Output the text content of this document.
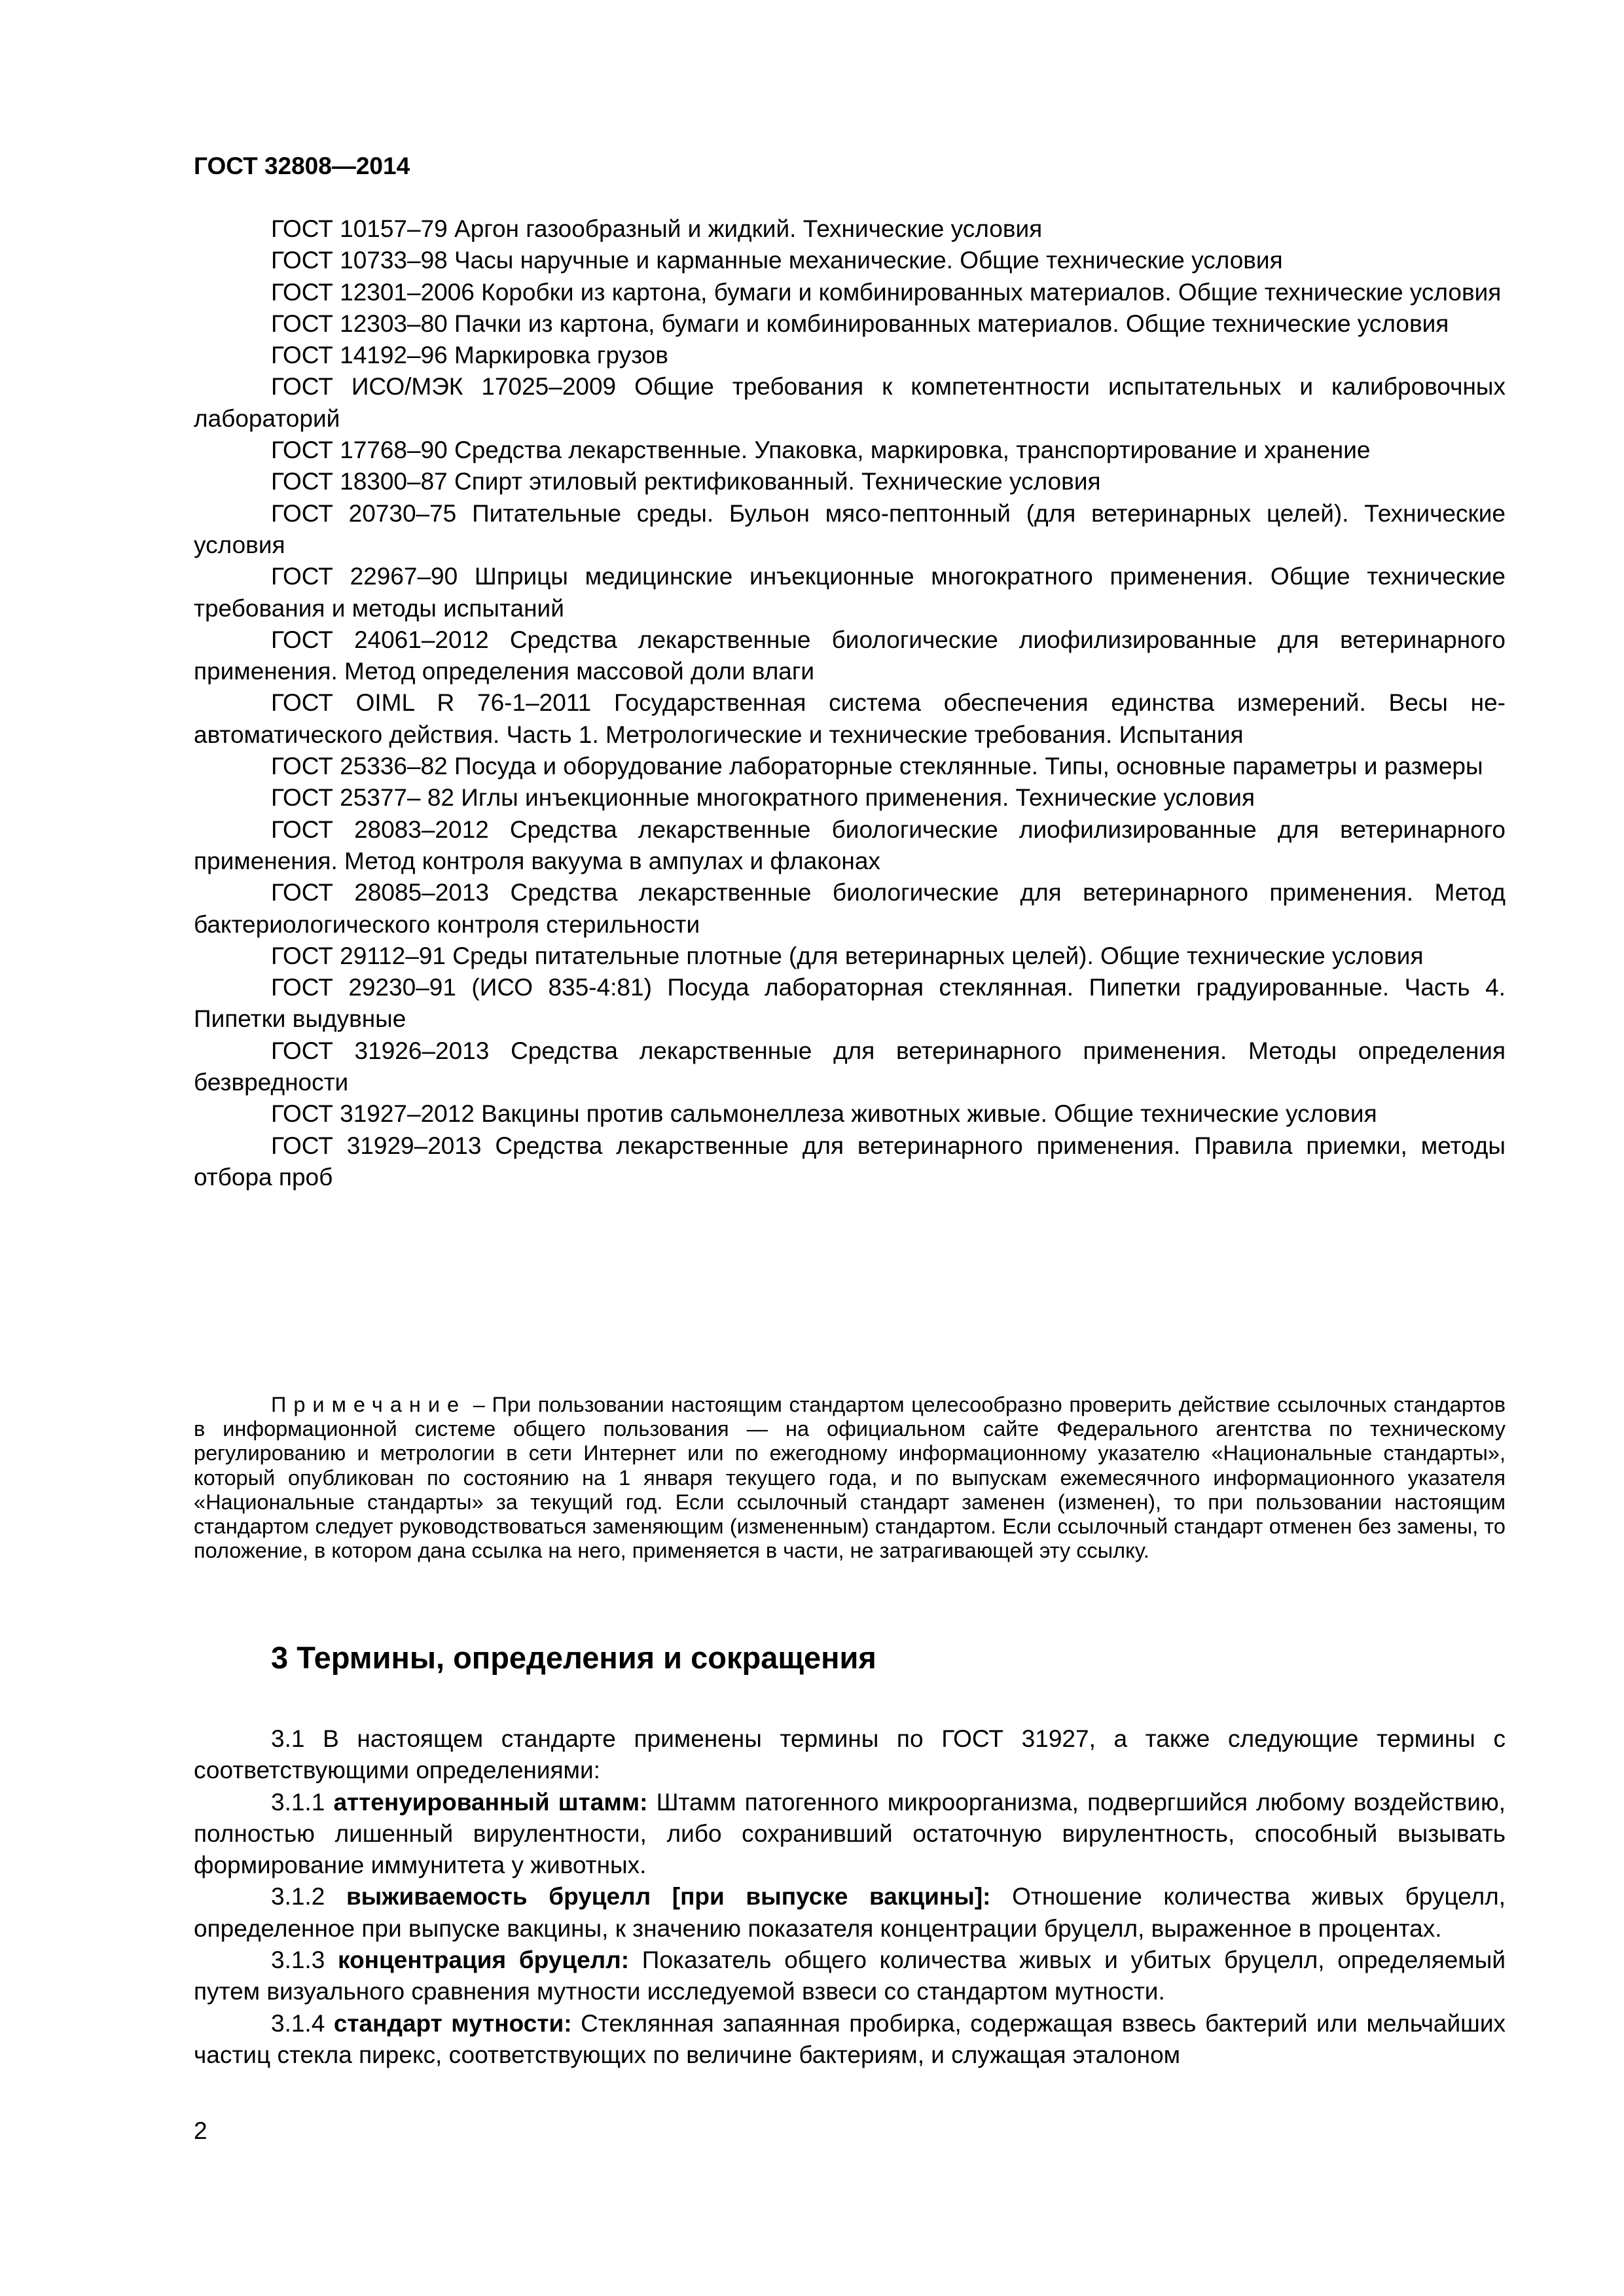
ГОСТ 32808—2014

ГОСТ 10157–79 Аргон газообразный и жидкий. Технические условия

ГОСТ 10733–98 Часы наручные и карманные механические. Общие технические условия

ГОСТ 12301–2006 Коробки из картона, бумаги и комбинированных материалов. Общие технические условия

ГОСТ 12303–80 Пачки из картона, бумаги и комбинированных материалов. Общие технические условия

ГОСТ 14192–96 Маркировка грузов

ГОСТ ИСО/МЭК 17025–2009 Общие требования к компетентности испытательных и калибровочных лабораторий

ГОСТ 17768–90 Средства лекарственные. Упаковка, маркировка, транспортирование и хранение

ГОСТ 18300–87 Спирт этиловый ректификованный. Технические условия

ГОСТ 20730–75 Питательные среды. Бульон мясо-пептонный (для ветеринарных целей). Технические условия

ГОСТ 22967–90 Шприцы медицинские инъекционные многократного применения. Общие технические требования и методы испытаний

ГОСТ 24061–2012 Средства лекарственные биологические лиофилизированные для ветеринарного применения. Метод определения массовой доли влаги

ГОСТ OIML R 76-1–2011 Государственная система обеспечения единства измерений. Весы неавтоматического действия. Часть 1. Метрологические и технические требования. Испытания

ГОСТ 25336–82 Посуда и оборудование лабораторные стеклянные. Типы, основные параметры и размеры

ГОСТ 25377– 82 Иглы инъекционные многократного применения. Технические условия

ГОСТ 28083–2012 Средства лекарственные биологические лиофилизированные для ветеринарного применения. Метод контроля вакуума в ампулах и флаконах

ГОСТ 28085–2013 Средства лекарственные биологические для ветеринарного применения. Метод бактериологического контроля стерильности

ГОСТ 29112–91 Среды питательные плотные (для ветеринарных целей). Общие технические условия

ГОСТ 29230–91 (ИСО 835-4:81) Посуда лабораторная стеклянная. Пипетки градуированные. Часть 4. Пипетки выдувные

ГОСТ 31926–2013 Средства лекарственные для ветеринарного применения. Методы определения безвредности

ГОСТ 31927–2012 Вакцины против сальмонеллеза животных живые. Общие технические условия

ГОСТ 31929–2013 Средства лекарственные для ветеринарного применения. Правила приемки, методы отбора проб

Примечание – При пользовании настоящим стандартом целесообразно проверить действие ссылочных стандартов в информационной системе общего пользования — на официальном сайте Федерального агентства по техническому регулированию и метрологии в сети Интернет или по ежегодному информационному указателю «Национальные стандарты», который опубликован по состоянию на 1 января текущего года, и по выпускам ежемесячного информационного указателя «Национальные стандарты» за текущий год. Если ссылочный стандарт заменен (изменен), то при пользовании настоящим стандартом следует руководствоваться заменяющим (измененным) стандартом. Если ссылочный стандарт отменен без замены, то положение, в котором дана ссылка на него, применяется в части, не затрагивающей эту ссылку.
3 Термины, определения и сокращения

3.1 В настоящем стандарте применены термины по ГОСТ 31927, а также следующие термины с соответствующими определениями:

3.1.1 аттенуированный штамм: Штамм патогенного микроорганизма, подвергшийся любому воздействию, полностью лишенный вирулентности, либо сохранивший остаточную вирулентность, способный вызывать формирование иммунитета у животных.

3.1.2 выживаемость бруцелл [при выпуске вакцины]: Отношение количества живых бруцелл, определенное при выпуске вакцины, к значению показателя концентрации бруцелл, выраженное в процентах.

3.1.3 концентрация бруцелл: Показатель общего количества живых и убитых бруцелл, определяемый путем визуального сравнения мутности исследуемой взвеси со стандартом мутности.

3.1.4 стандарт мутности: Стеклянная запаянная пробирка, содержащая взвесь бактерий или мельчайших частиц стекла пирекс, соответствующих по величине бактериям, и служащая эталоном

2
